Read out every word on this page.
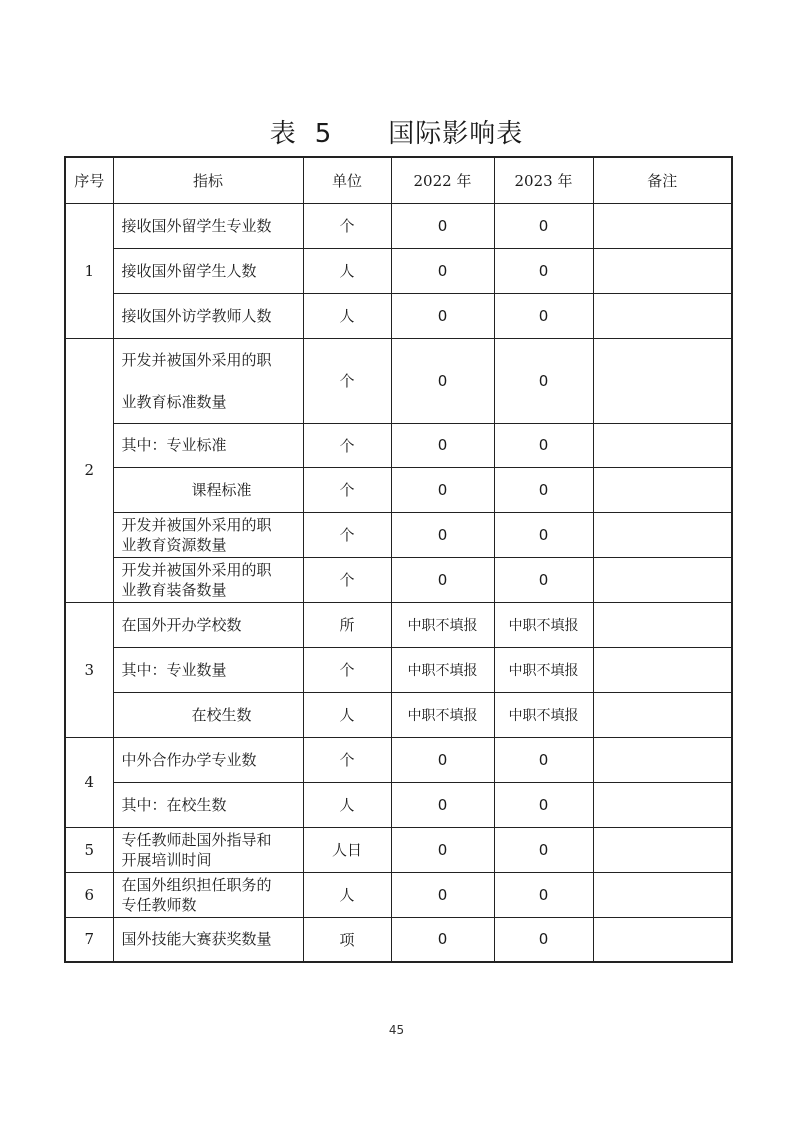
表 5 国际影响表
序号	指标	单位	2022 年	2023 年	备注
1	接收国外留学生专业数	个	0	0	
	接收国外留学生人数	人	0	0	
	接收国外访学教师人数	人	0	0	
2	开发并被国外采用的职
业教育标准数量	个	0	0	
	其中：专业标准	个	0	0	
	课程标准	个	0	0	

	开发并被国外采用的职
业教育资源数量	个	0	0	

	开发并被国外采用的职
业教育装备数量	个	0	0	
3	在国外开办学校数	所	中职不填报	中职不填报	
	其中：专业数量	个	中职不填报	中职不填报	
	在校生数	人	中职不填报	中职不填报	
4	中外合作办学专业数	个	0	0	
	其中：在校生数	人	0	0	
5	专任教师赴国外指导和
开展培训时间	人日	0	0	
6	在国外组织担任职务的
专任教师数	人	0	0	
7	国外技能大赛获奖数量	项	0	0	
45
